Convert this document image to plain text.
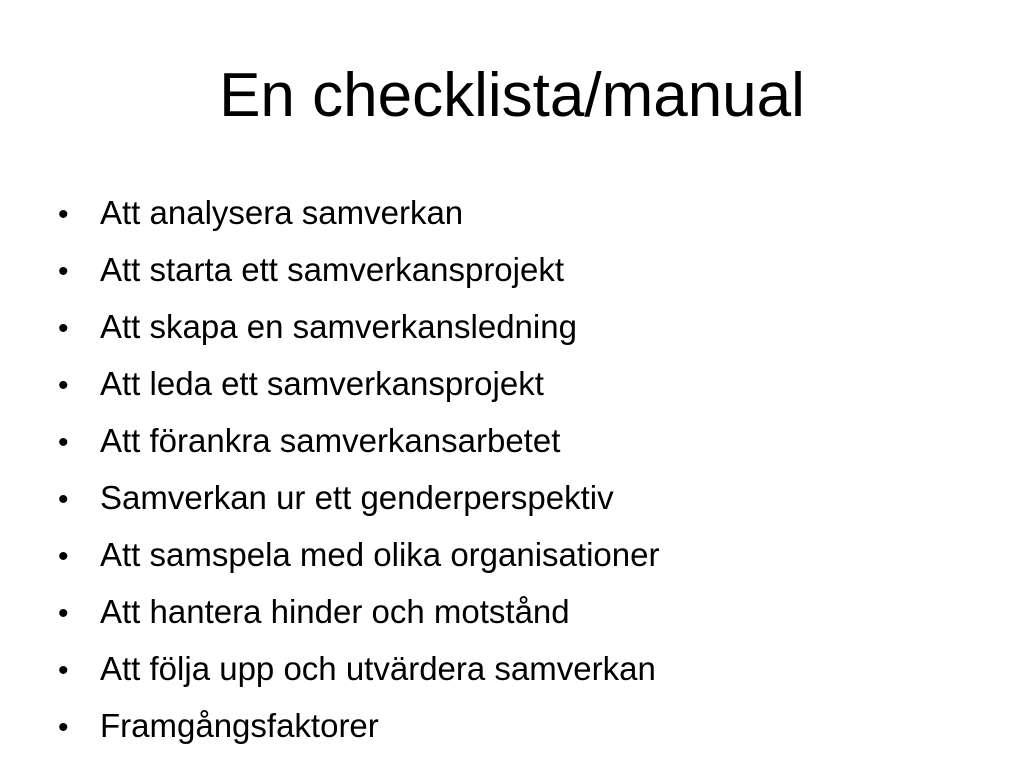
En checklista/manual
• Att analysera samverkan
• Att starta ett samverkansprojekt
• Att skapa en samverkansledning
• Att leda ett samverkansprojekt
• Att förankra samverkansarbetet
• Samverkan ur ett genderperspektiv
• Att samspela med olika organisationer
• Att hantera hinder och motstånd
• Att följa upp och utvärdera samverkan
• Framgångsfaktorer
